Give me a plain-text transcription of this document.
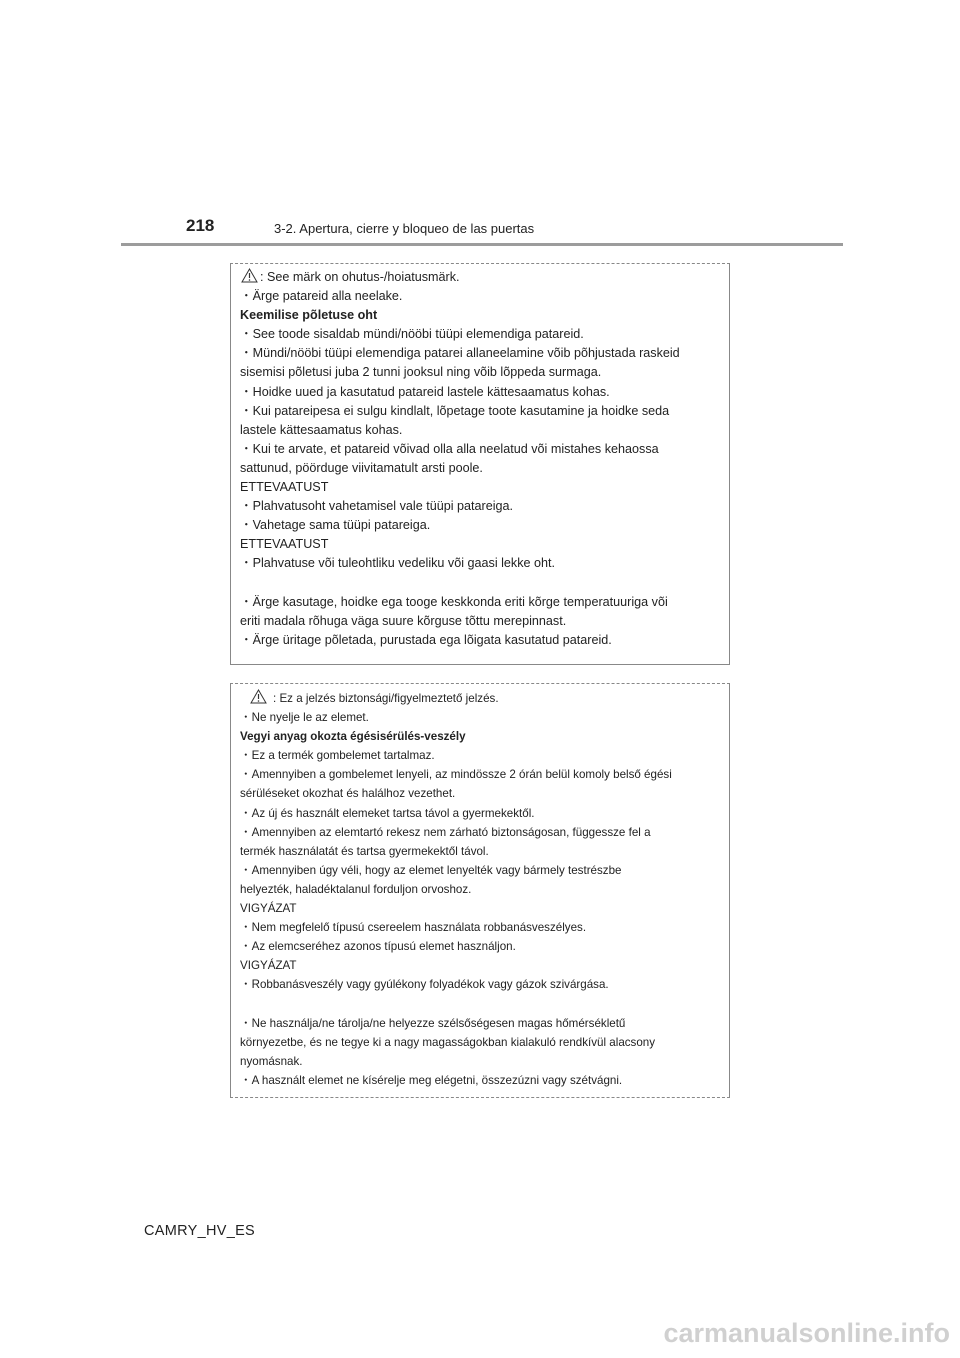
218	3-2. Apertura, cierre y bloqueo de las puertas
: See märk on ohutus-/hoiatusmärk.
・Ärge patareid alla neelake.
Keemilise põletuse oht
・See toode sisaldab mündi/nööbi tüüpi elemendiga patareid.
・Mündi/nööbi tüüpi elemendiga patarei allaneelamine võib põhjustada raskeid
sisemisi põletusi juba 2 tunni jooksul ning võib lõppeda surmaga.
・Hoidke uued ja kasutatud patareid lastele kättesaamatus kohas.
・Kui patareipesa ei sulgu kindlalt, lõpetage toote kasutamine ja hoidke seda
lastele kättesaamatus kohas.
・Kui te arvate, et patareid võivad olla alla neelatud või mistahes kehaossa
sattunud, pöörduge viivitamatult arsti poole.
ETTEVAATUST
・Plahvatusoht vahetamisel vale tüüpi patareiga.
・Vahetage sama tüüpi patareiga.
ETTEVAATUST
・Plahvatuse või tuleohtliku vedeliku või gaasi lekke oht.
・Ärge kasutage, hoidke ega tooge keskkonda eriti kõrge temperatuuriga või
eriti madala rõhuga väga suure kõrguse tõttu merepinnast.
・Ärge üritage põletada, purustada ega lõigata kasutatud patareid.
: Ez a jelzés biztonsági/figyelmeztető jelzés.
・Ne nyelje le az elemet.
Vegyi anyag okozta égésisérülés-veszély
・Ez a termék gombelemet tartalmaz.
・Amennyiben a gombelemet lenyeli, az mindössze 2 órán belül komoly belső égési
sérüléseket okozhat és halálhoz vezethet.
・Az új és használt elemeket tartsa távol a gyermekektől.
・Amennyiben az elemtartó rekesz nem zárható biztonságosan, függessze fel a
termék használatát és tartsa gyermekektől távol.
・Amennyiben úgy véli, hogy az elemet lenyelték vagy bármely testrészbe
helyezték, haladéktalanul forduljon orvoshoz.
VIGYÁZAT
・Nem megfelelő típusú csereelem használata robbanásveszélyes.
・Az elemcseréhez azonos típusú elemet használjon.
VIGYÁZAT
・Robbanásveszély vagy gyúlékony folyadékok vagy gázok szivárgása.
・Ne használja/ne tárolja/ne helyezze szélsőségesen magas hőmérsékletű
környezetbe, és ne tegye ki a nagy magasságokban kialakuló rendkívül alacsony
nyomásnak.
・A használt elemet ne kísérelje meg elégetni, összezúzni vagy szétvágni.
CAMRY_HV_ES
carmanualsonline.info
